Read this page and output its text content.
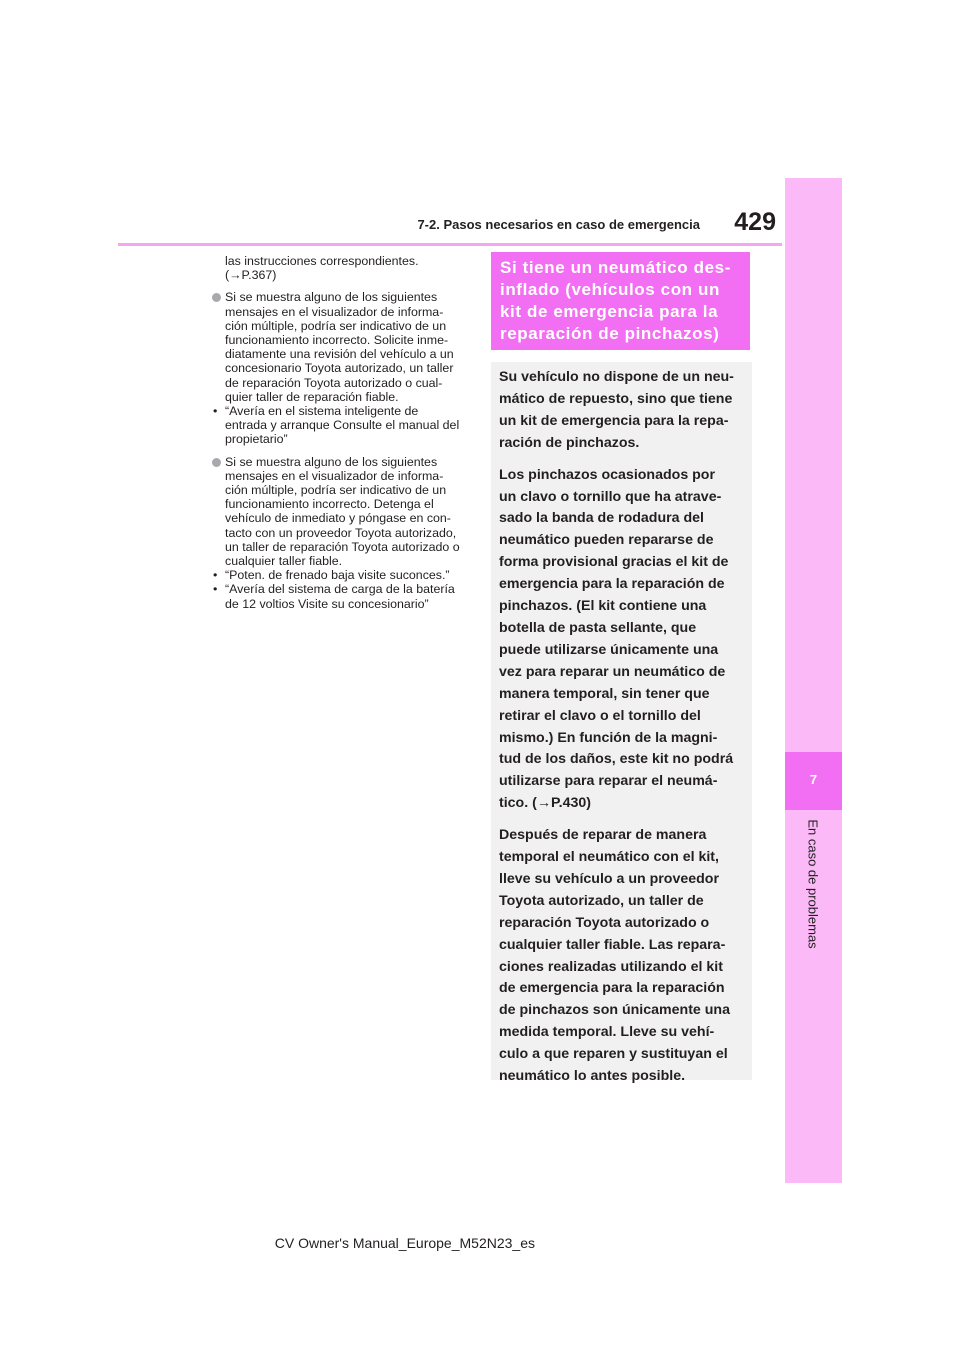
7-2. Pasos necesarios en caso de emergencia	429
7
En caso de problemas

las instrucciones correspondientes.
(→P.367)

Si se muestra alguno de los siguientes
mensajes en el visualizador de informa-
ción múltiple, podría ser indicativo de un
funcionamiento incorrecto. Solicite inme-
diatamente una revisión del vehículo a un
concesionario Toyota autorizado, un taller
de reparación Toyota autorizado o cual-
quier taller de reparación fiable.

• “Avería en el sistema inteligente de
entrada y arranque Consulte el manual del
propietario”

Si se muestra alguno de los siguientes
mensajes en el visualizador de informa-
ción múltiple, podría ser indicativo de un
funcionamiento incorrecto. Detenga el
vehículo de inmediato y póngase en con-
tacto con un proveedor Toyota autorizado,
un taller de reparación Toyota autorizado o
cualquier taller fiable.

• “Poten. de frenado baja visite suconces.”
• “Avería del sistema de carga de la batería
de 12 voltios Visite su concesionario”
Si tiene un neumático des-
inflado (vehículos con un
kit de emergencia para la
reparación de pinchazos)

Su vehículo no dispone de un neu-
mático de repuesto, sino que tiene
un kit de emergencia para la repa-
ración de pinchazos.

Los pinchazos ocasionados por
un clavo o tornillo que ha atrave-
sado la banda de rodadura del
neumático pueden repararse de
forma provisional gracias el kit de
emergencia para la reparación de
pinchazos. (El kit contiene una
botella de pasta sellante, que
puede utilizarse únicamente una
vez para reparar un neumático de
manera temporal, sin tener que
retirar el clavo o el tornillo del
mismo.) En función de la magni-
tud de los daños, este kit no podrá
utilizarse para reparar el neumá-
tico. (→P.430)

Después de reparar de manera
temporal el neumático con el kit,
lleve su vehículo a un proveedor
Toyota autorizado, un taller de
reparación Toyota autorizado o
cualquier taller fiable. Las repara-
ciones realizadas utilizando el kit
de emergencia para la reparación
de pinchazos son únicamente una
medida temporal. Lleve su vehí-
culo a que reparen y sustituyan el
neumático lo antes posible.

CV Owner's Manual_Europe_M52N23_es
